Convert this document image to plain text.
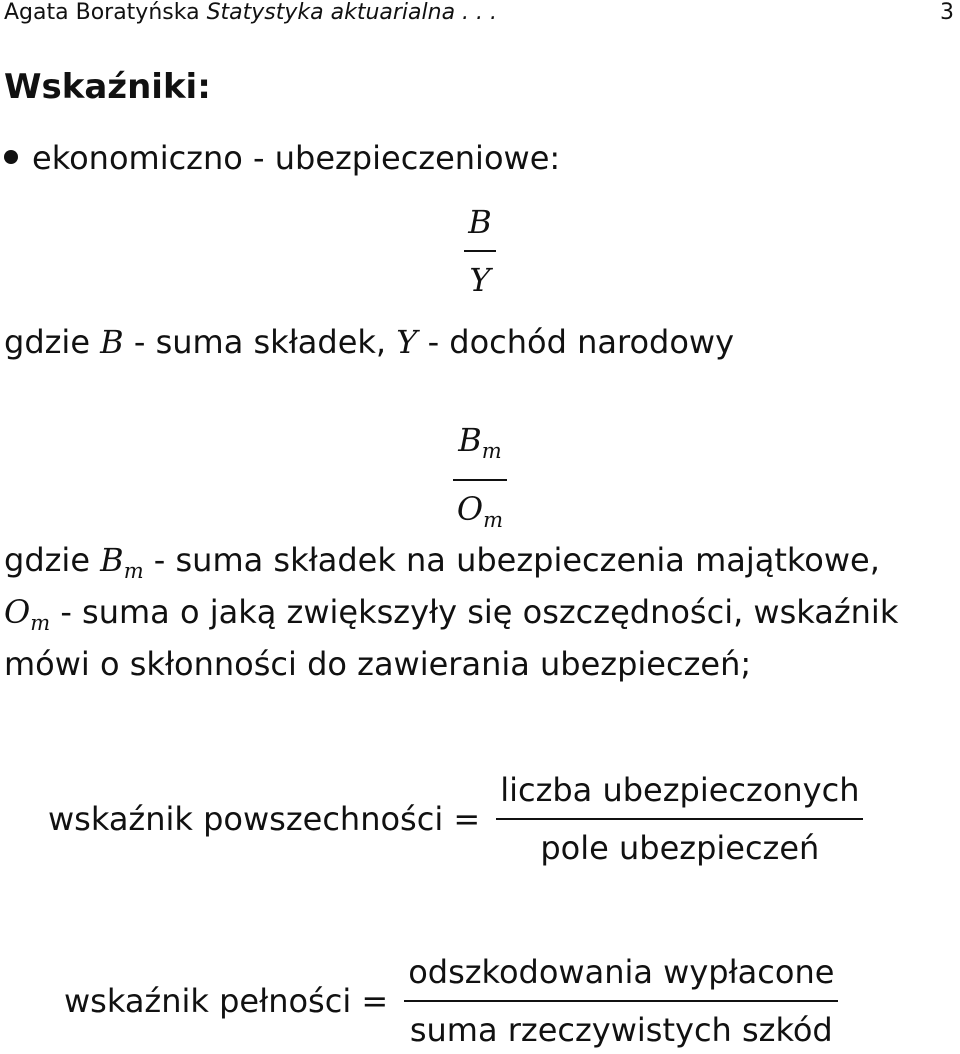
Agata Boratyńska Statystyka aktuarialna . . .	3
Wskaźniki:
ekonomiczno - ubezpieczeniowe:
$\frac{B}{Y}$
gdzie B - suma składek, Y - dochód narodowy
$\frac{B_m}{O_m}$
gdzie $B_m$ - suma składek na ubezpieczenia majątkowe,
$O_m$ - suma o jaką zwiększyły się oszczędności, wskaźnik
mówi o skłonności do zawierania ubezpieczeń;
wskaźnik powszechności = $\frac{\text{liczba ubezpieczonych}}{\text{pole ubezpieczeń}}$
wskaźnik pełności = $\frac{\text{odszkodowania wypłacone}}{\text{suma rzeczywistych szkód}}$
